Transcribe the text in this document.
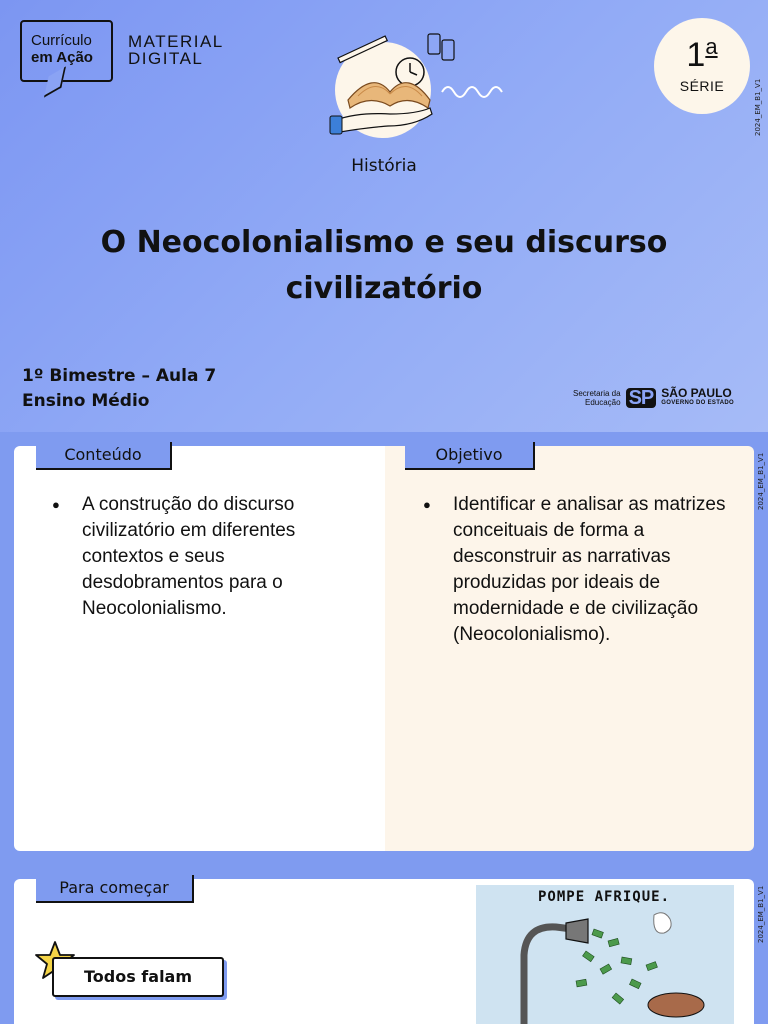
Currículo
em Ação
MATERIAL
DIGITAL	1$^a$
SÉRIE	2024_EM_B1_V1
História
O Neocolonialismo e seu discurso civilizatório
1º Bimestre – Aula 7
Ensino Médio	Secretaria da
Educação SP SÃO PAULO
GOVERNO DO ESTADO
Conteúdo	Objetivo
● A construção do discurso civilizatório em diferentes contextos e seus desdobramentos para o Neocolonialismo.
● Identificar e analisar as matrizes conceituais de forma a desconstruir as narrativas produzidas por ideais de modernidade e de civilização (Neocolonialismo).
2024_EM_B1_V1
Para começar
Todos falam
POMPE AFRIQUE.	2024_EM_B1_V1
